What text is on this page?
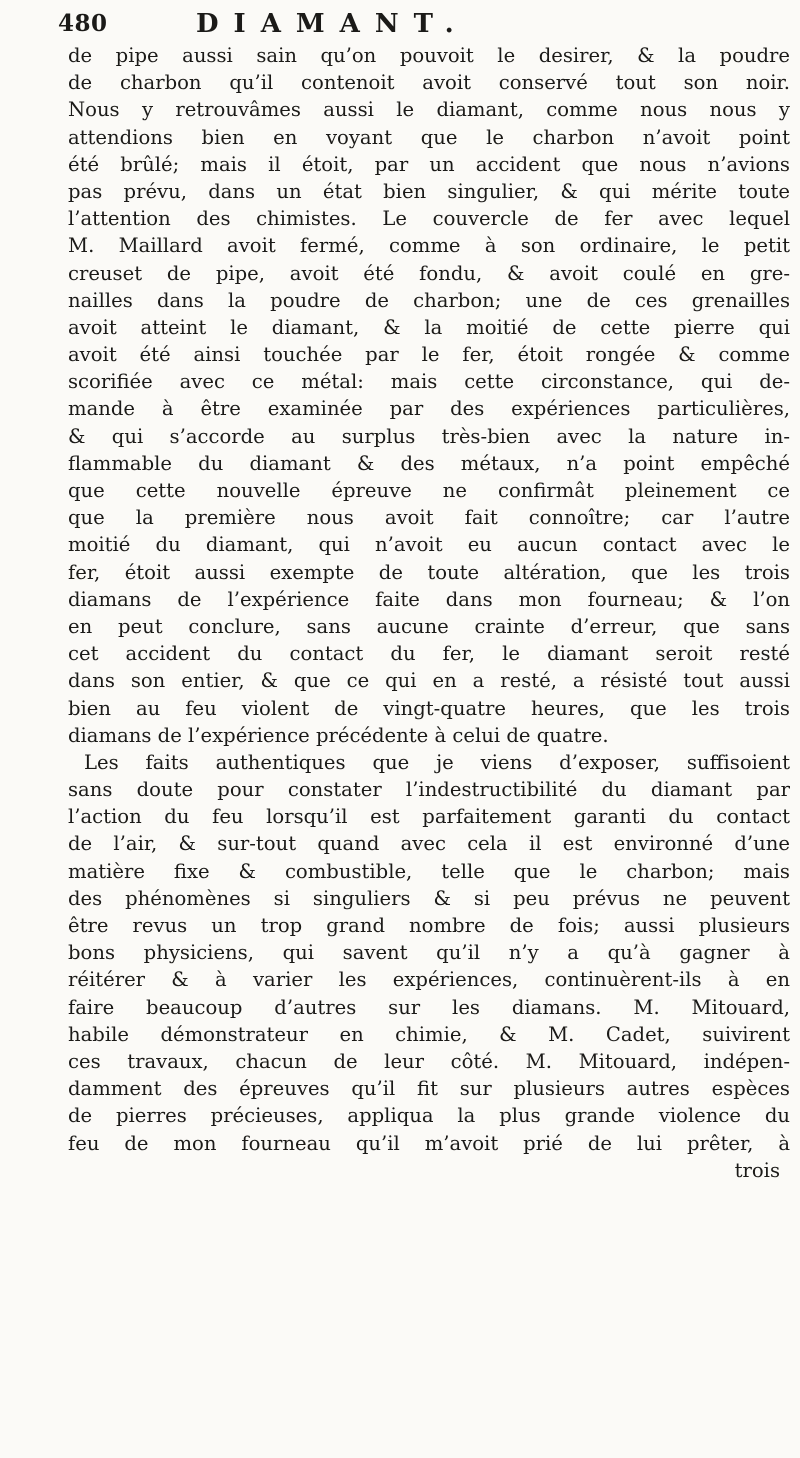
480	DIAMANT.
de pipe aussi sain qu’on pouvoit le desirer, & la poudre
de charbon qu’il contenoit avoit conservé tout son noir.
Nous y retrouvâmes aussi le diamant, comme nous nous y
attendions bien en voyant que le charbon n’avoit point
été brûlé; mais il étoit, par un accident que nous n’avions
pas prévu, dans un état bien singulier, & qui mérite toute
l’attention des chimistes. Le couvercle de fer avec lequel
M. Maillard avoit fermé, comme à son ordinaire, le petit
creuset de pipe, avoit été fondu, & avoit coulé en gre-
nailles dans la poudre de charbon; une de ces grenailles
avoit atteint le diamant, & la moitié de cette pierre qui
avoit été ainsi touchée par le fer, étoit rongée & comme
scorifiée avec ce métal: mais cette circonstance, qui de-
mande à être examinée par des expériences particulières,
& qui s’accorde au surplus très-bien avec la nature in-
flammable du diamant & des métaux, n’a point empêché
que cette nouvelle épreuve ne confirmât pleinement ce
que la première nous avoit fait connoître; car l’autre
moitié du diamant, qui n’avoit eu aucun contact avec le
fer, étoit aussi exempte de toute altération, que les trois
diamans de l’expérience faite dans mon fourneau; & l’on
en peut conclure, sans aucune crainte d’erreur, que sans
cet accident du contact du fer, le diamant seroit resté
dans son entier, & que ce qui en a resté, a résisté tout aussi
bien au feu violent de vingt-quatre heures, que les trois
diamans de l’expérience précédente à celui de quatre.
Les faits authentiques que je viens d’exposer, suffisoient
sans doute pour constater l’indestructibilité du diamant par
l’action du feu lorsqu’il est parfaitement garanti du contact
de l’air, & sur-tout quand avec cela il est environné d’une
matière fixe & combustible, telle que le charbon; mais
des phénomènes si singuliers & si peu prévus ne peuvent
être revus un trop grand nombre de fois; aussi plusieurs
bons physiciens, qui savent qu’il n’y a qu’à gagner à
réitérer & à varier les expériences, continuèrent-ils à en
faire beaucoup d’autres sur les diamans. M. Mitouard,
habile démonstrateur en chimie, & M. Cadet, suivirent
ces travaux, chacun de leur côté. M. Mitouard, indépen-
damment des épreuves qu’il fit sur plusieurs autres espèces
de pierres précieuses, appliqua la plus grande violence du
feu de mon fourneau qu’il m’avoit prié de lui prêter, à
trois
